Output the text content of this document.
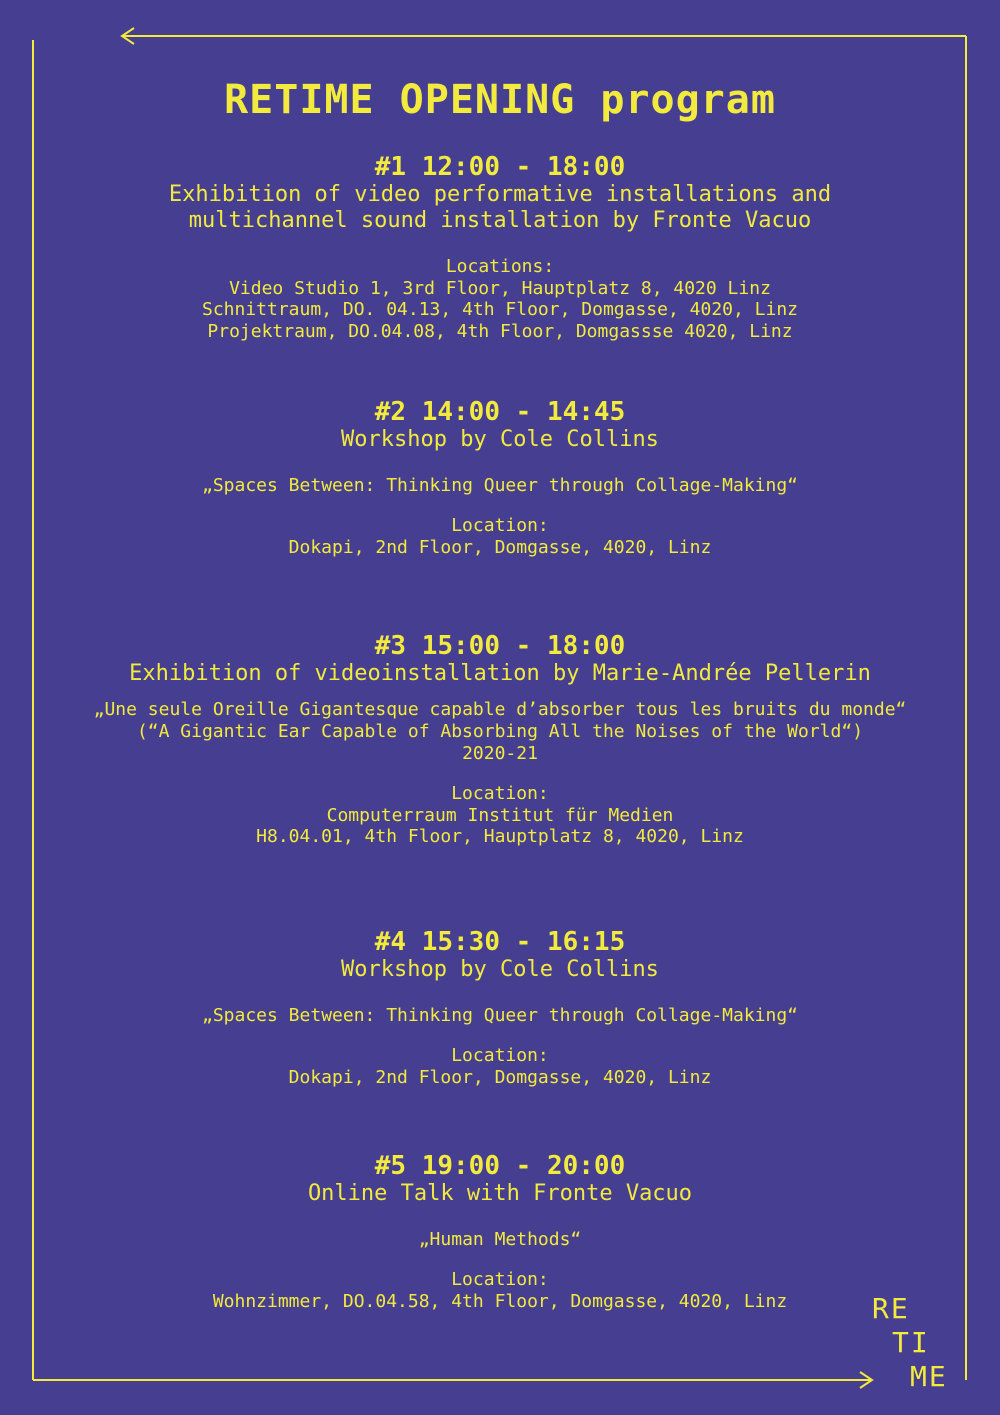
RETIME OPENING program
#1 12:00 - 18:00
Exhibition of video performative installations and
multichannel sound installation by Fronte Vacuo
Locations:
Video Studio 1, 3rd Floor, Hauptplatz 8, 4020 Linz
Schnittraum, DO. 04.13, 4th Floor, Domgasse, 4020, Linz
Projektraum, DO.04.08, 4th Floor, Domgassse 4020, Linz
#2 14:00 - 14:45
Workshop by Cole Collins
„Spaces Between: Thinking Queer through Collage-Making“
Location:
Dokapi, 2nd Floor, Domgasse, 4020, Linz
#3 15:00 - 18:00
Exhibition of videoinstallation by Marie-Andrée Pellerin
„Une seule Oreille Gigantesque capable d’absorber tous les bruits du monde“
(“A Gigantic Ear Capable of Absorbing All the Noises of the World“)
2020-21
Location:
Computerraum Institut für Medien
H8.04.01, 4th Floor, Hauptplatz 8, 4020, Linz
#4 15:30 - 16:15
Workshop by Cole Collins
„Spaces Between: Thinking Queer through Collage-Making“
Location:
Dokapi, 2nd Floor, Domgasse, 4020, Linz
#5 19:00 - 20:00
Online Talk with Fronte Vacuo
„Human Methods“
Location:
Wohnzimmer, DO.04.58, 4th Floor, Domgasse, 4020, Linz	RE
TI
ME
